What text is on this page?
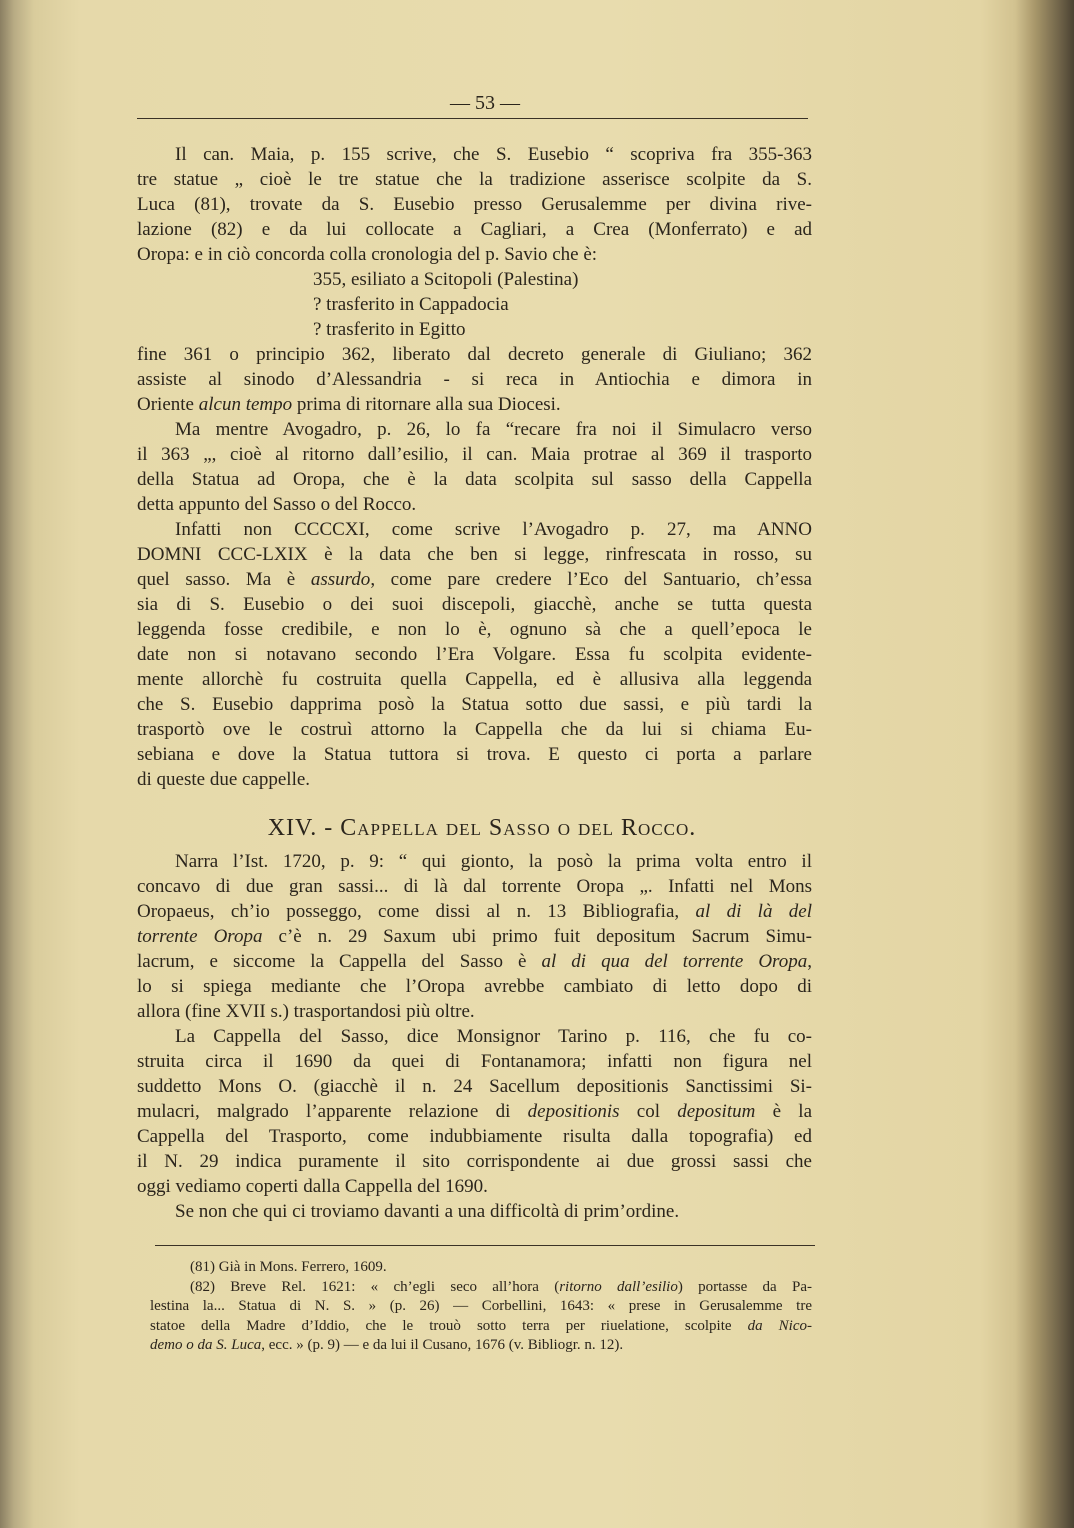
— 53 —
Il can. Maia, p. 155 scrive, che S. Eusebio “ scopriva fra 355-363
tre statue „ cioè le tre statue che la tradizione asserisce scolpite da S.
Luca (81), trovate da S. Eusebio presso Gerusalemme per divina rive-
lazione (82) e da lui collocate a Cagliari, a Crea (Monferrato) e ad
Oropa: e in ciò concorda colla cronologia del p. Savio che è:
355, esiliato a Scitopoli (Palestina)
? trasferito in Cappadocia
? trasferito in Egitto
fine 361 o principio 362, liberato dal decreto generale di Giuliano; 362
assiste al sinodo d’Alessandria - si reca in Antiochia e dimora in
Oriente alcun tempo prima di ritornare alla sua Diocesi.
Ma mentre Avogadro, p. 26, lo fa “recare fra noi il Simulacro verso
il 363 „, cioè al ritorno dall’esilio, il can. Maia protrae al 369 il trasporto
della Statua ad Oropa, che è la data scolpita sul sasso della Cappella
detta appunto del Sasso o del Rocco.
Infatti non CCCCXI, come scrive l’Avogadro p. 27, ma ANNO
DOMNI CCC-LXIX è la data che ben si legge, rinfrescata in rosso, su
quel sasso. Ma è assurdo, come pare credere l’Eco del Santuario, ch’essa
sia di S. Eusebio o dei suoi discepoli, giacchè, anche se tutta questa
leggenda fosse credibile, e non lo è, ognuno sà che a quell’epoca le
date non si notavano secondo l’Era Volgare. Essa fu scolpita evidente-
mente allorchè fu costruita quella Cappella, ed è allusiva alla leggenda
che S. Eusebio dapprima posò la Statua sotto due sassi, e più tardi la
trasportò ove le costruì attorno la Cappella che da lui si chiama Eu-
sebiana e dove la Statua tuttora si trova. E questo ci porta a parlare
di queste due cappelle.
XIV. - Cappella del Sasso o del Rocco.
Narra l’Ist. 1720, p. 9: “ qui gionto, la posò la prima volta entro il
concavo di due gran sassi... di là dal torrente Oropa „. Infatti nel Mons
Oropaeus, ch’io posseggo, come dissi al n. 13 Bibliografia, al di là del
torrente Oropa c’è n. 29 Saxum ubi primo fuit depositum Sacrum Simu-
lacrum, e siccome la Cappella del Sasso è al di qua del torrente Oropa,
lo si spiega mediante che l’Oropa avrebbe cambiato di letto dopo di
allora (fine XVII s.) trasportandosi più oltre.
La Cappella del Sasso, dice Monsignor Tarino p. 116, che fu co-
struita circa il 1690 da quei di Fontanamora; infatti non figura nel
suddetto Mons O. (giacchè il n. 24 Sacellum depositionis Sanctissimi Si-
mulacri, malgrado l’apparente relazione di depositionis col depositum è la
Cappella del Trasporto, come indubbiamente risulta dalla topografia) ed
il N. 29 indica puramente il sito corrispondente ai due grossi sassi che
oggi vediamo coperti dalla Cappella del 1690.
Se non che qui ci troviamo davanti a una difficoltà di prim’ordine.
(81) Già in Mons. Ferrero, 1609.
(82) Breve Rel. 1621: « ch’egli seco all’hora (ritorno dall’esilio) portasse da Pa-
lestina la... Statua di N. S. » (p. 26) — Corbellini, 1643: « prese in Gerusalemme tre
statoe della Madre d’Iddio, che le trouò sotto terra per riuelatione, scolpite da Nico-
demo o da S. Luca, ecc. » (p. 9) — e da lui il Cusano, 1676 (v. Bibliogr. n. 12).
